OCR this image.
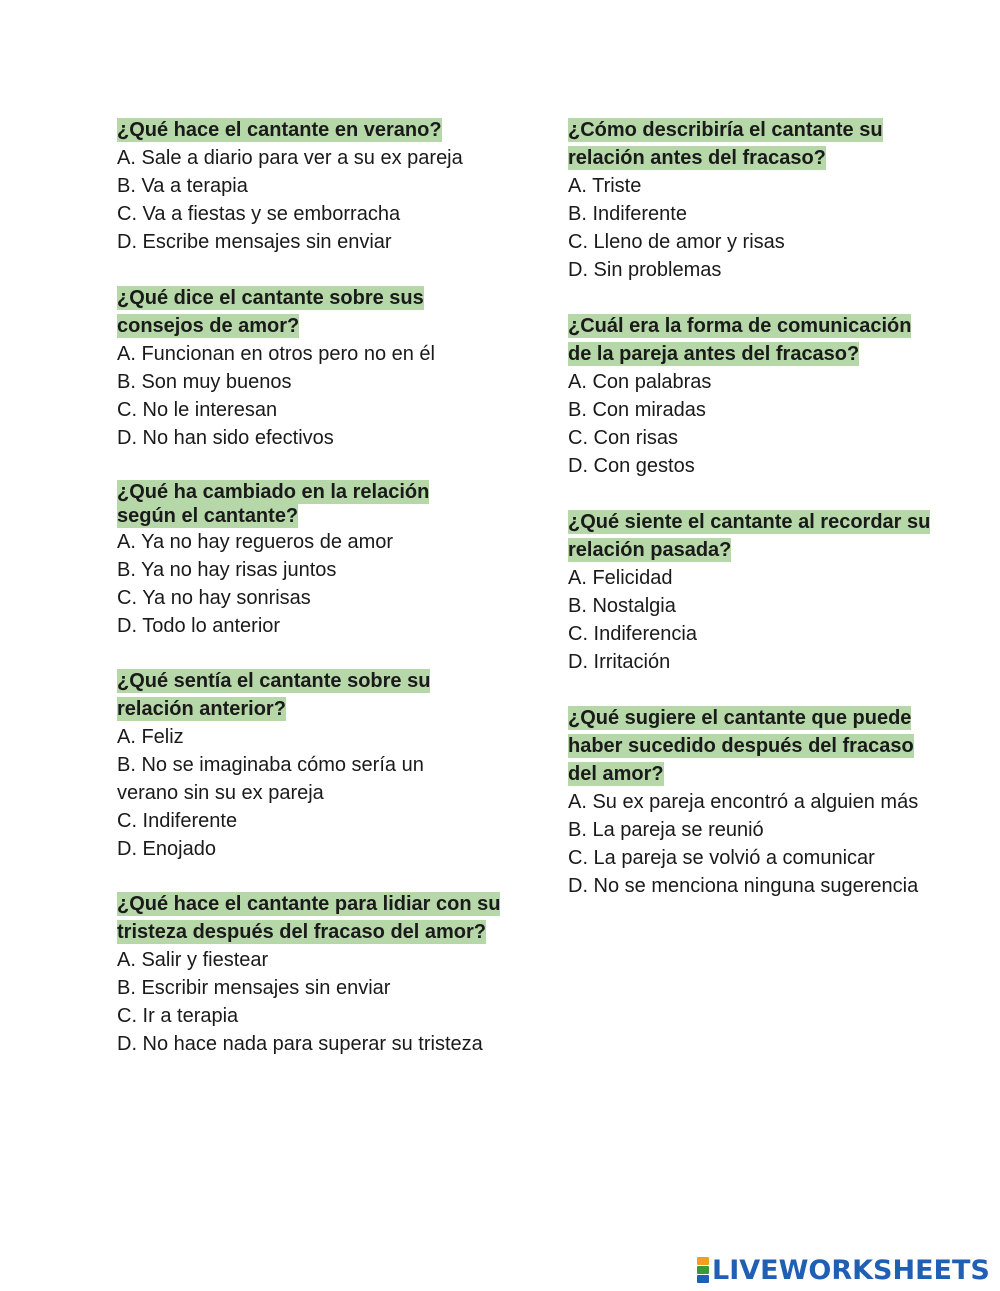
¿Qué hace el cantante en verano?

A. Sale a diario para ver a su ex pareja

B. Va a terapia

C. Va a fiestas y se emborracha

D. Escribe mensajes sin enviar

¿Qué dice el cantante sobre sus consejos de amor?

A. Funcionan en otros pero no en él

B. Son muy buenos

C. No le interesan

D. No han sido efectivos

¿Qué ha cambiado en la relación según el cantante?

A. Ya no hay regueros de amor

B. Ya no hay risas juntos

C. Ya no hay sonrisas

D. Todo lo anterior

¿Qué sentía el cantante sobre su relación anterior?

A. Feliz

B. No se imaginaba cómo sería un verano sin su ex pareja

C. Indiferente

D. Enojado

¿Qué hace el cantante para lidiar con su tristeza después del fracaso del amor?

A. Salir y fiestear

B. Escribir mensajes sin enviar

C. Ir a terapia

D. No hace nada para superar su tristeza

¿Cómo describiría el cantante su relación antes del fracaso?

A. Triste

B. Indiferente

C. Lleno de amor y risas

D. Sin problemas

¿Cuál era la forma de comunicación de la pareja antes del fracaso?

A. Con palabras

B. Con miradas

C. Con risas

D. Con gestos

¿Qué siente el cantante al recordar su relación pasada?

A. Felicidad

B. Nostalgia

C. Indiferencia

D. Irritación

¿Qué sugiere el cantante que puede haber sucedido después del fracaso del amor?

A. Su ex pareja encontró a alguien más

B. La pareja se reunió

C. La pareja se volvió a comunicar

D. No se menciona ninguna sugerencia

LIVEWORKSHEETS
